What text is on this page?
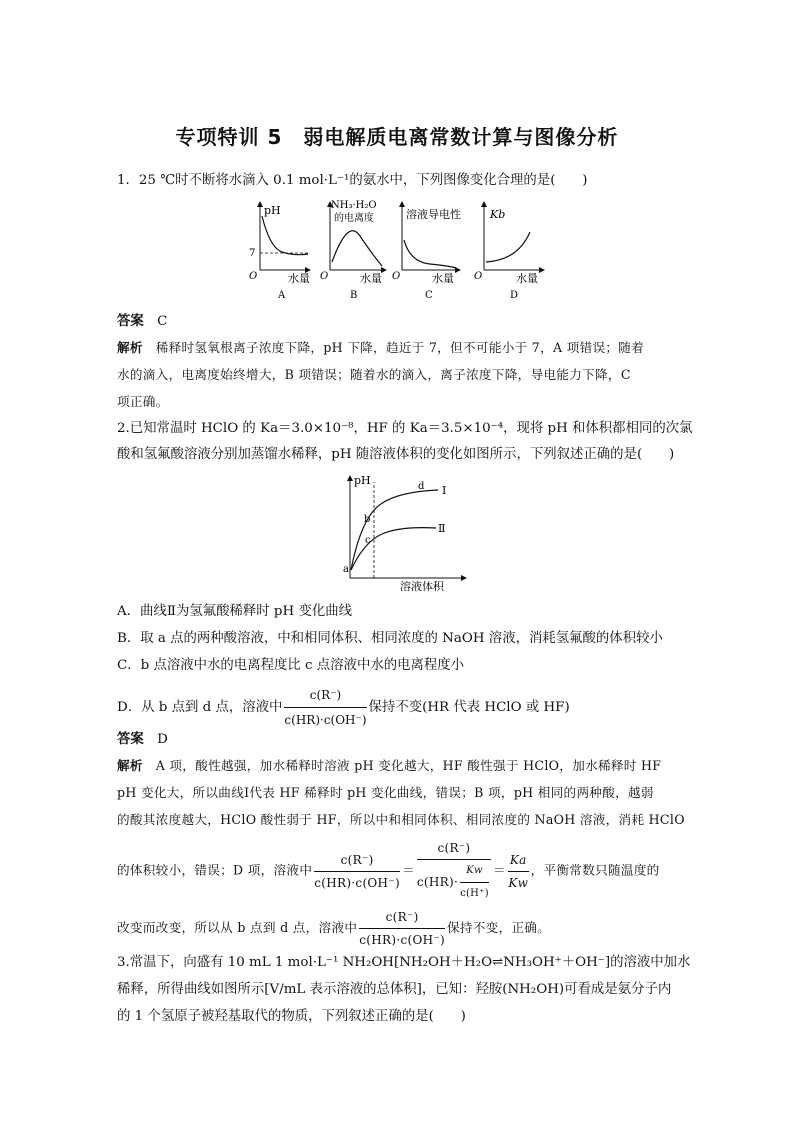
专项特训 5　弱电解质电离常数计算与图像分析
1．25 ℃时不断将水滴入 0.1 mol·L⁻¹的氨水中，下列图像变化合理的是(　　)
pH
7
O	水量
A
NH₃·H₂O
的电离度
O	水量
B
溶液导电性
O	水量
C
Kb
O	水量
D
答案　 C
解析　 稀释时氢氧根离子浓度下降，pH 下降，趋近于 7，但不可能小于 7，A 项错误；随着
水的滴入，电离度始终增大，B 项错误；随着水的滴入，离子浓度下降，导电能力下降，C
项正确。
2.已知常温时 HClO 的 Ka＝3.0×10⁻⁸，HF 的 Ka＝3.5×10⁻⁴，现将 pH 和体积都相同的次氯
酸和氢氟酸溶液分别加蒸馏水稀释，pH 随溶液体积的变化如图所示，下列叙述正确的是(　　)
pH
Ⅰ
Ⅱ
a
b
c
d
溶液体积
A．曲线Ⅱ为氢氟酸稀释时 pH 变化曲线
B．取 a 点的两种酸溶液，中和相同体积、相同浓度的 NaOH 溶液，消耗氢氟酸的体积较小
C．b 点溶液中水的电离程度比 c 点溶液中水的电离程度小
D．从 b 点到 d 点，溶液中 $\frac{c(R^-)}{c(HR)\cdot c(OH^-)}$ 保持不变(HR 代表 HClO 或 HF)
答案　 D
解析　 A 项，酸性越强，加水稀释时溶液 pH 变化越大，HF 酸性强于 HClO，加水稀释时 HF
pH 变化大，所以曲线Ⅰ代表 HF 稀释时 pH 变化曲线，错误；B 项，pH 相同的两种酸，越弱
的酸其浓度越大，HClO 酸性弱于 HF，所以中和相同体积、相同浓度的 NaOH 溶液，消耗 HClO
的体积较小，错误；D 项，溶液中 $\frac{c(R^-)}{c(HR)\cdot c(OH^-)} = \frac{c(R^-)}{c(HR)\cdot \frac{Kw}{c(H^+)}} = \frac{Ka}{Kw}$ ，平衡常数只随温度的
改变而改变，所以从 b 点到 d 点，溶液中 $\frac{c(R^-)}{c(HR)\cdot c(OH^-)}$ 保持不变，正确。
3.常温下，向盛有 10 mL 1 mol·L⁻¹ NH₂OH[NH₂OH＋H₂O⇌NH₃OH⁺＋OH⁻]的溶液中加水
稀释，所得曲线如图所示[V/mL 表示溶液的总体积]，已知：羟胺(NH₂OH)可看成是氨分子内
的 1 个氢原子被羟基取代的物质，下列叙述正确的是(　　)
